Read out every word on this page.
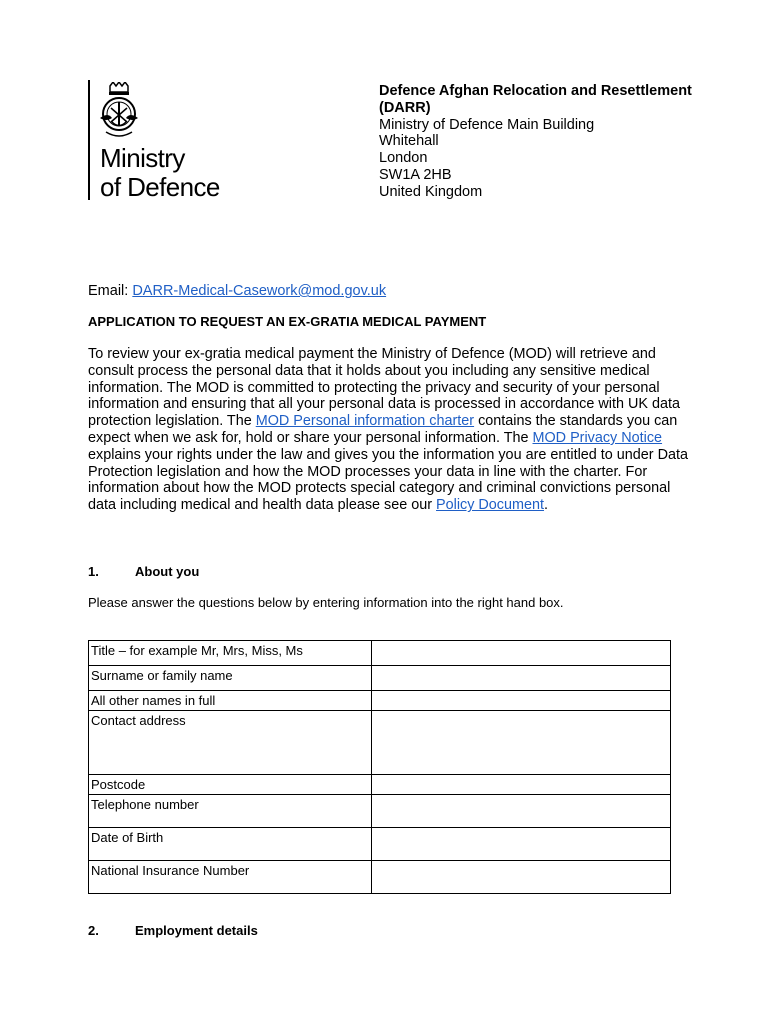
Ministry
of Defence
Defence Afghan Relocation and Resettlement
(DARR)
Ministry of Defence Main Building
Whitehall
London
SW1A 2HB
United Kingdom
Email: DARR-Medical-Casework@mod.gov.uk
APPLICATION TO REQUEST AN EX-GRATIA MEDICAL PAYMENT
To review your ex-gratia medical payment the Ministry of Defence (MOD) will retrieve and consult process the personal data that it holds about you including any sensitive medical information. The MOD is committed to protecting the privacy and security of your personal information and ensuring that all your personal data is processed in accordance with UK data protection legislation. The MOD Personal information charter contains the standards you can expect when we ask for, hold or share your personal information. The MOD Privacy Notice explains your rights under the law and gives you the information you are entitled to under Data Protection legislation and how the MOD processes your data in line with the charter. For information about how the MOD protects special category and criminal convictions personal data including medical and health data please see our Policy Document.
1.	About you
Please answer the questions below by entering information into the right hand box.
Title – for example Mr, Mrs, Miss, Ms	
Surname or family name	
All other names in full	
Contact address	
Postcode	
Telephone number	
Date of Birth	
National Insurance Number	
2.	Employment details
